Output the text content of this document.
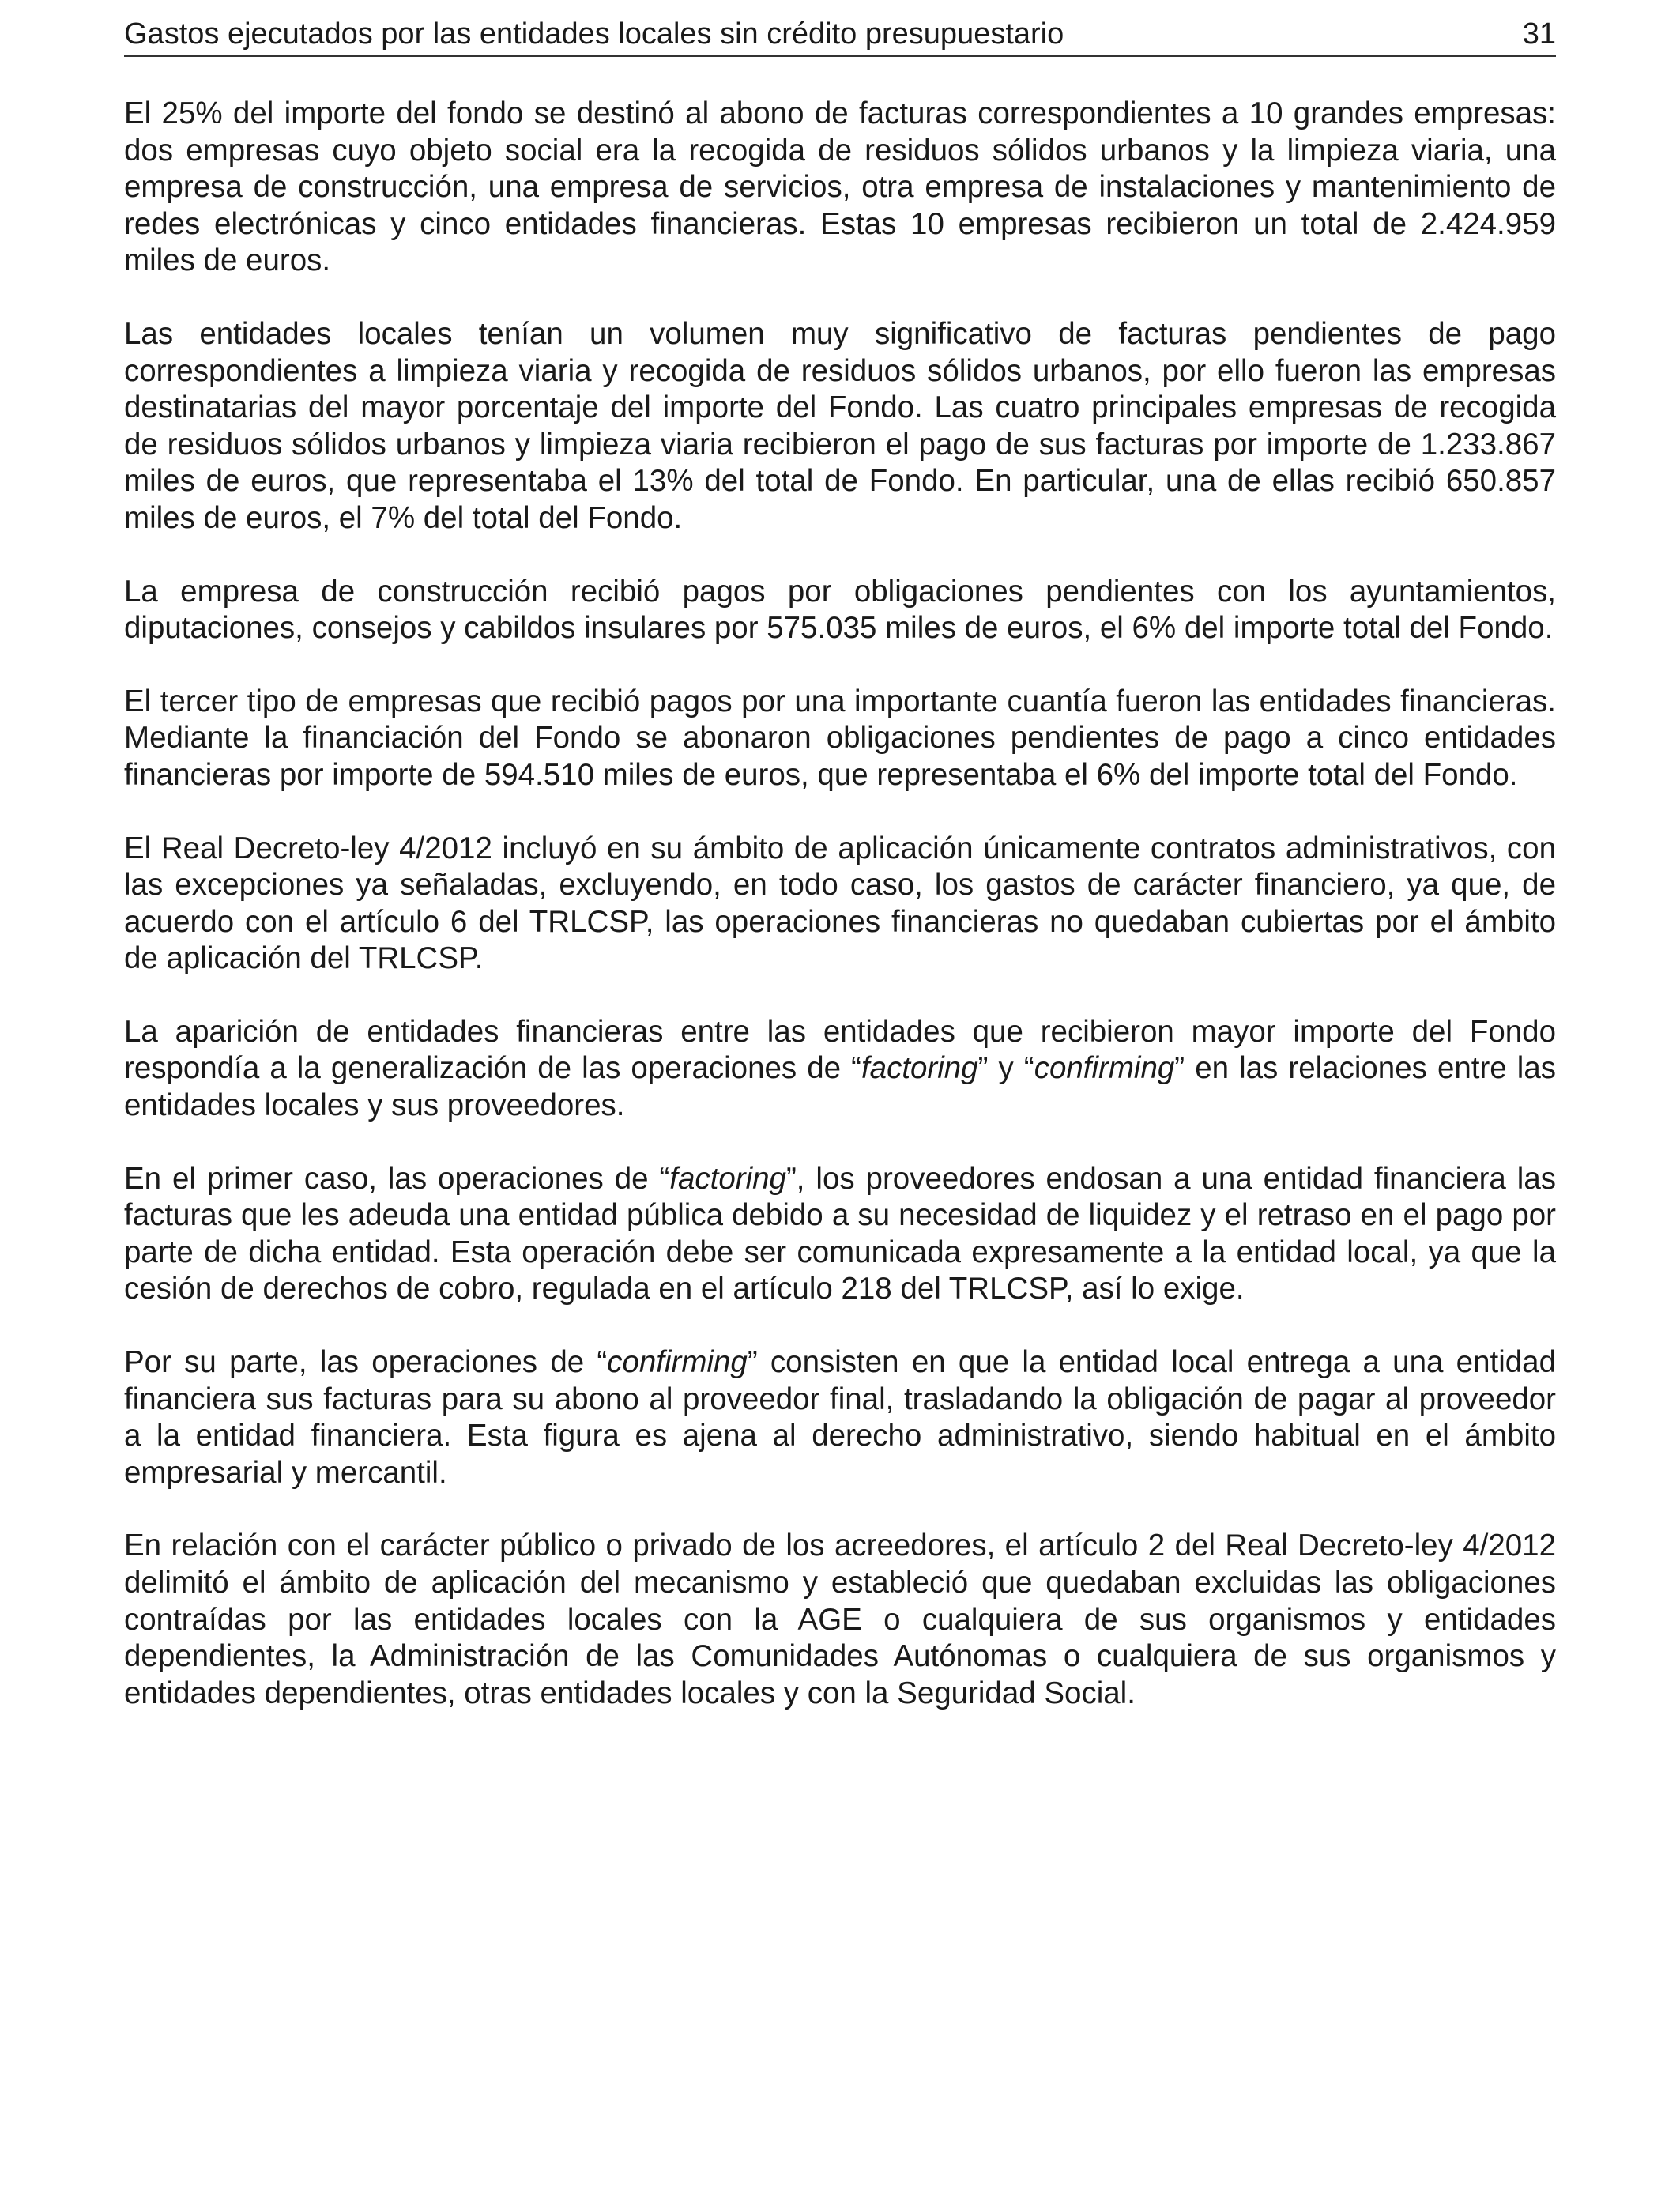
Gastos ejecutados por las entidades locales sin crédito presupuestario	31

El 25% del importe del fondo se destinó al abono de facturas correspondientes a 10 grandes empresas: dos empresas cuyo objeto social era la recogida de residuos sólidos urbanos y la limpieza viaria, una empresa de construcción, una empresa de servicios, otra empresa de instalaciones y mantenimiento de redes electrónicas y cinco entidades financieras. Estas 10 empresas recibieron un total de 2.424.959 miles de euros.

Las entidades locales tenían un volumen muy significativo de facturas pendientes de pago correspondientes a limpieza viaria y recogida de residuos sólidos urbanos, por ello fueron las empresas destinatarias del mayor porcentaje del importe del Fondo. Las cuatro principales empresas de recogida de residuos sólidos urbanos y limpieza viaria recibieron el pago de sus facturas por importe de 1.233.867 miles de euros, que representaba el 13% del total de Fondo. En particular, una de ellas recibió 650.857 miles de euros, el 7% del total del Fondo.

La empresa de construcción recibió pagos por obligaciones pendientes con los ayuntamientos, diputaciones, consejos y cabildos insulares por 575.035 miles de euros, el 6% del importe total del Fondo.

El tercer tipo de empresas que recibió pagos por una importante cuantía fueron las entidades financieras. Mediante la financiación del Fondo se abonaron obligaciones pendientes de pago a cinco entidades financieras por importe de 594.510 miles de euros, que representaba el 6% del importe total del Fondo.

El Real Decreto-ley 4/2012 incluyó en su ámbito de aplicación únicamente contratos administrativos, con las excepciones ya señaladas, excluyendo, en todo caso, los gastos de carácter financiero, ya que, de acuerdo con el artículo 6 del TRLCSP, las operaciones financieras no quedaban cubiertas por el ámbito de aplicación del TRLCSP.

La aparición de entidades financieras entre las entidades que recibieron mayor importe del Fondo respondía a la generalización de las operaciones de “factoring” y “confirming” en las relaciones entre las entidades locales y sus proveedores.

En el primer caso, las operaciones de “factoring”, los proveedores endosan a una entidad financiera las facturas que les adeuda una entidad pública debido a su necesidad de liquidez y el retraso en el pago por parte de dicha entidad. Esta operación debe ser comunicada expresamente a la entidad local, ya que la cesión de derechos de cobro, regulada en el artículo 218 del TRLCSP, así lo exige.

Por su parte, las operaciones de “confirming” consisten en que la entidad local entrega a una entidad financiera sus facturas para su abono al proveedor final, trasladando la obligación de pagar al proveedor a la entidad financiera. Esta figura es ajena al derecho administrativo, siendo habitual en el ámbito empresarial y mercantil.

En relación con el carácter público o privado de los acreedores, el artículo 2 del Real Decreto-ley 4/2012 delimitó el ámbito de aplicación del mecanismo y estableció que quedaban excluidas las obligaciones contraídas por las entidades locales con la AGE o cualquiera de sus organismos y entidades dependientes, la Administración de las Comunidades Autónomas o cualquiera de sus organismos y entidades dependientes, otras entidades locales y con la Seguridad Social.
